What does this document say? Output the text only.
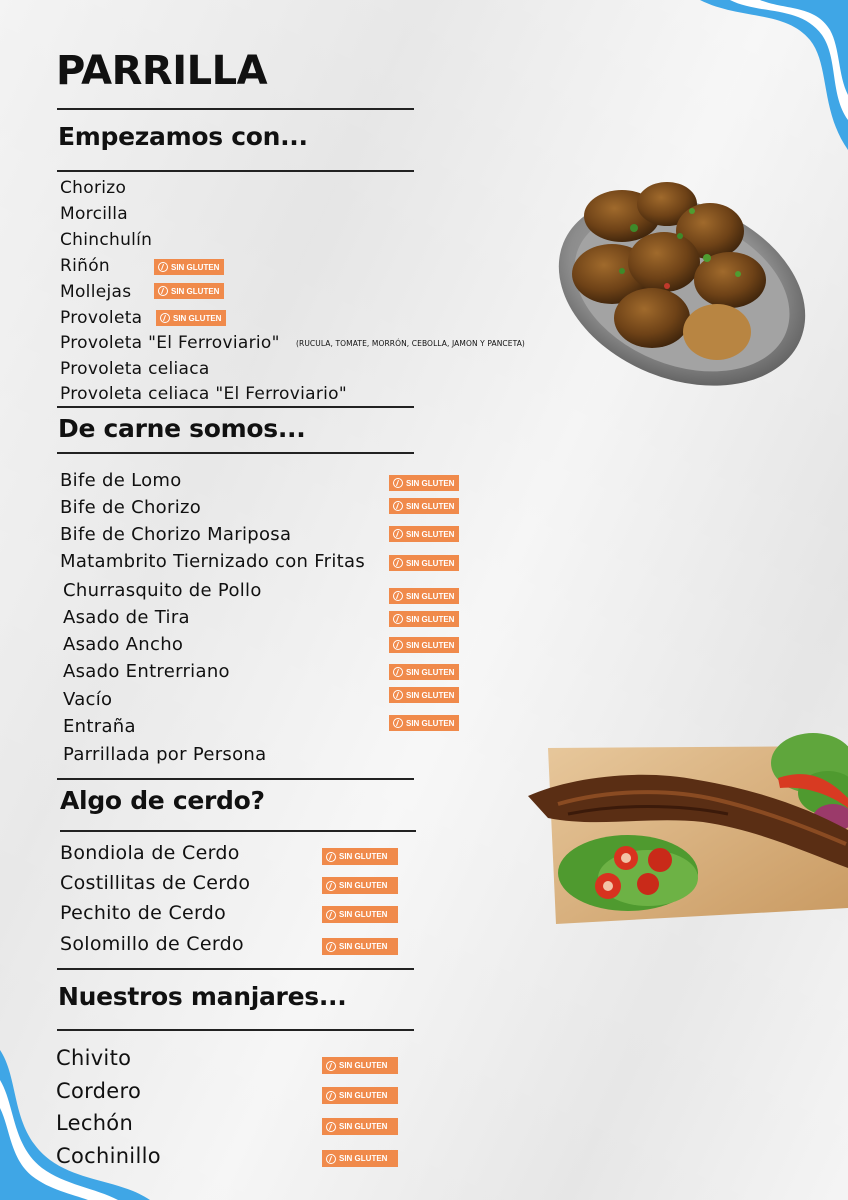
PARRILLA
Empezamos con...
Chorizo
Morcilla
Chinchulín
Riñón
Mollejas
Provoleta
Provoleta "El Ferroviario" (RUCULA, TOMATE, MORRÓN, CEBOLLA, JAMON Y PANCETA)
Provoleta celiaca
Provoleta celiaca "El Ferroviario"
SIN GLUTEN
SIN GLUTEN
SIN GLUTEN
De carne somos...
Bife de Lomo
Bife de Chorizo
Bife de Chorizo Mariposa
Matambrito Tiernizado con Fritas
Churrasquito de Pollo
Asado de Tira
Asado Ancho
Asado Entrerriano
Vacío
Entraña
Parrillada por Persona
SIN GLUTEN
SIN GLUTEN
SIN GLUTEN
SIN GLUTEN
SIN GLUTEN
SIN GLUTEN
SIN GLUTEN
SIN GLUTEN
SIN GLUTEN
SIN GLUTEN
Algo de cerdo?
Bondiola de Cerdo
Costillitas de Cerdo
Pechito de Cerdo
Solomillo de Cerdo
SIN GLUTEN
SIN GLUTEN
SIN GLUTEN
SIN GLUTEN
Nuestros manjares...
Chivito
Cordero
Lechón
Cochinillo
SIN GLUTEN
SIN GLUTEN
SIN GLUTEN
SIN GLUTEN
